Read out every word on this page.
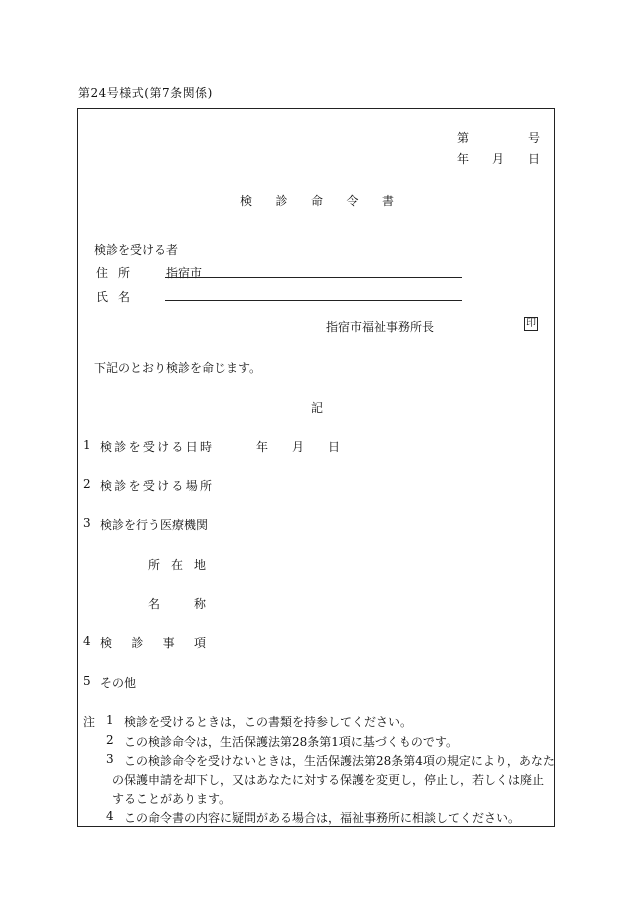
第24号様式(第7条関係)
第	号
年 月 日
検 診 命 令 書
検診を受ける者
住 所	指宿市
氏 名
指宿市福祉事務所長	印
下記のとおり検診を命じます。
記
1 検 診 を 受 け る 日 時	年 月 日
2 検 診 を 受 け る 場 所
3 検診を行う医療機関
所 在 地
名	称
4 検 診 事 項
5 その他
注 1 検診を受けるときは，この書類を持参してください。
2 この検診命令は，生活保護法第28条第1項に基づくものです。
3 この検診命令を受けないときは，生活保護法第28条第4項の規定により，あなた
の保護申請を却下し，又はあなたに対する保護を変更し，停止し，若しくは廃止
することがあります。
4 この命令書の内容に疑問がある場合は，福祉事務所に相談してください。
